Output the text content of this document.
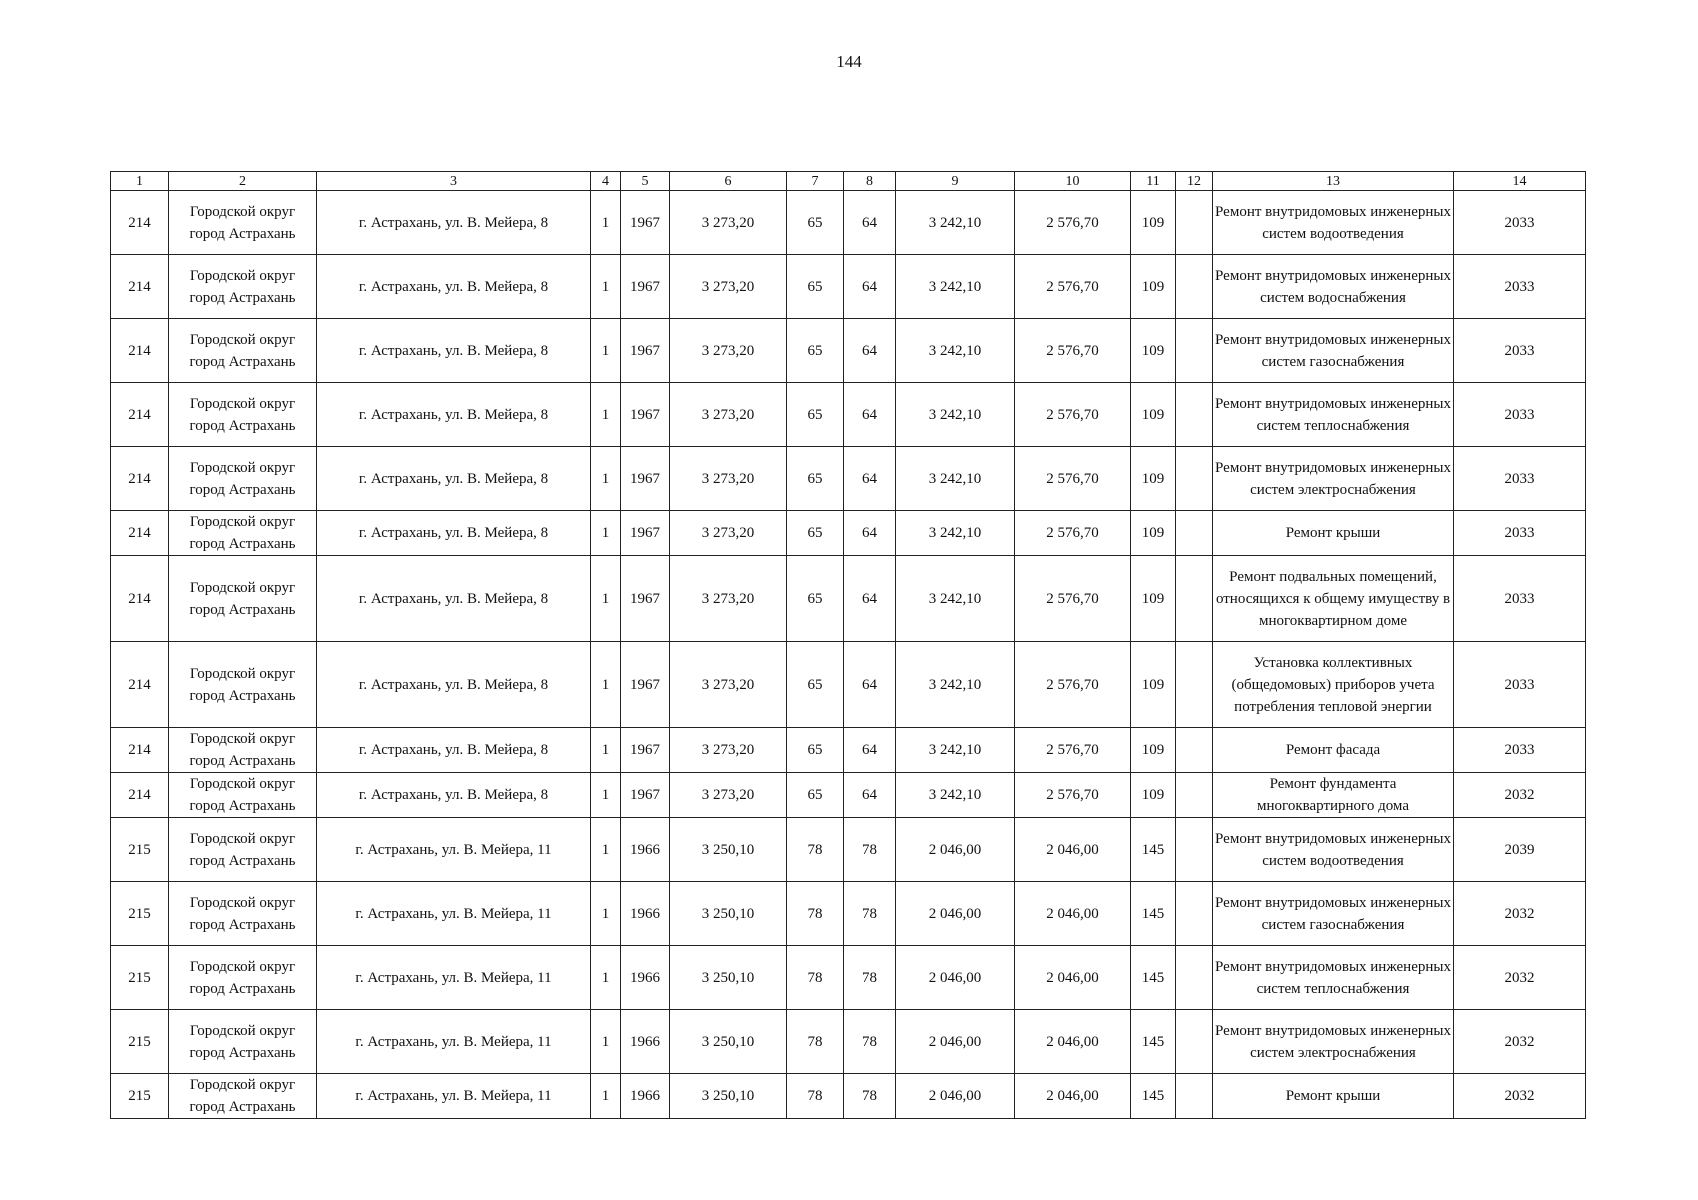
144
1	2	3	4	5	6	7	8	9	10	11	12	13	14
214	Городской округ город Астрахань	г. Астрахань, ул. В. Мейера, 8	1	1967	3 273,20	65	64	3 242,10	2 576,70	109		Ремонт внутридомовых инженерных систем водоотведения	2033
214	Городской округ город Астрахань	г. Астрахань, ул. В. Мейера, 8	1	1967	3 273,20	65	64	3 242,10	2 576,70	109		Ремонт внутридомовых инженерных систем водоснабжения	2033
214	Городской округ город Астрахань	г. Астрахань, ул. В. Мейера, 8	1	1967	3 273,20	65	64	3 242,10	2 576,70	109		Ремонт внутридомовых инженерных систем газоснабжения	2033
214	Городской округ город Астрахань	г. Астрахань, ул. В. Мейера, 8	1	1967	3 273,20	65	64	3 242,10	2 576,70	109		Ремонт внутридомовых инженерных систем теплоснабжения	2033
214	Городской округ город Астрахань	г. Астрахань, ул. В. Мейера, 8	1	1967	3 273,20	65	64	3 242,10	2 576,70	109		Ремонт внутридомовых инженерных систем электроснабжения	2033
214	Городской округ город Астрахань	г. Астрахань, ул. В. Мейера, 8	1	1967	3 273,20	65	64	3 242,10	2 576,70	109		Ремонт крыши	2033
214	Городской округ город Астрахань	г. Астрахань, ул. В. Мейера, 8	1	1967	3 273,20	65	64	3 242,10	2 576,70	109		Ремонт подвальных помещений, относящихся к общему имуществу в многоквартирном доме	2033
214	Городской округ город Астрахань	г. Астрахань, ул. В. Мейера, 8	1	1967	3 273,20	65	64	3 242,10	2 576,70	109		Установка коллективных (общедомовых) приборов учета потребления тепловой энергии	2033
214	Городской округ город Астрахань	г. Астрахань, ул. В. Мейера, 8	1	1967	3 273,20	65	64	3 242,10	2 576,70	109		Ремонт фасада	2033
214	Городской округ город Астрахань	г. Астрахань, ул. В. Мейера, 8	1	1967	3 273,20	65	64	3 242,10	2 576,70	109		Ремонт фундамента многоквартирного дома	2032
215	Городской округ город Астрахань	г. Астрахань, ул. В. Мейера, 11	1	1966	3 250,10	78	78	2 046,00	2 046,00	145		Ремонт внутридомовых инженерных систем водоотведения	2039
215	Городской округ город Астрахань	г. Астрахань, ул. В. Мейера, 11	1	1966	3 250,10	78	78	2 046,00	2 046,00	145		Ремонт внутридомовых инженерных систем газоснабжения	2032
215	Городской округ город Астрахань	г. Астрахань, ул. В. Мейера, 11	1	1966	3 250,10	78	78	2 046,00	2 046,00	145		Ремонт внутридомовых инженерных систем теплоснабжения	2032
215	Городской округ город Астрахань	г. Астрахань, ул. В. Мейера, 11	1	1966	3 250,10	78	78	2 046,00	2 046,00	145		Ремонт внутридомовых инженерных систем электроснабжения	2032
215	Городской округ город Астрахань	г. Астрахань, ул. В. Мейера, 11	1	1966	3 250,10	78	78	2 046,00	2 046,00	145		Ремонт крыши	2032
